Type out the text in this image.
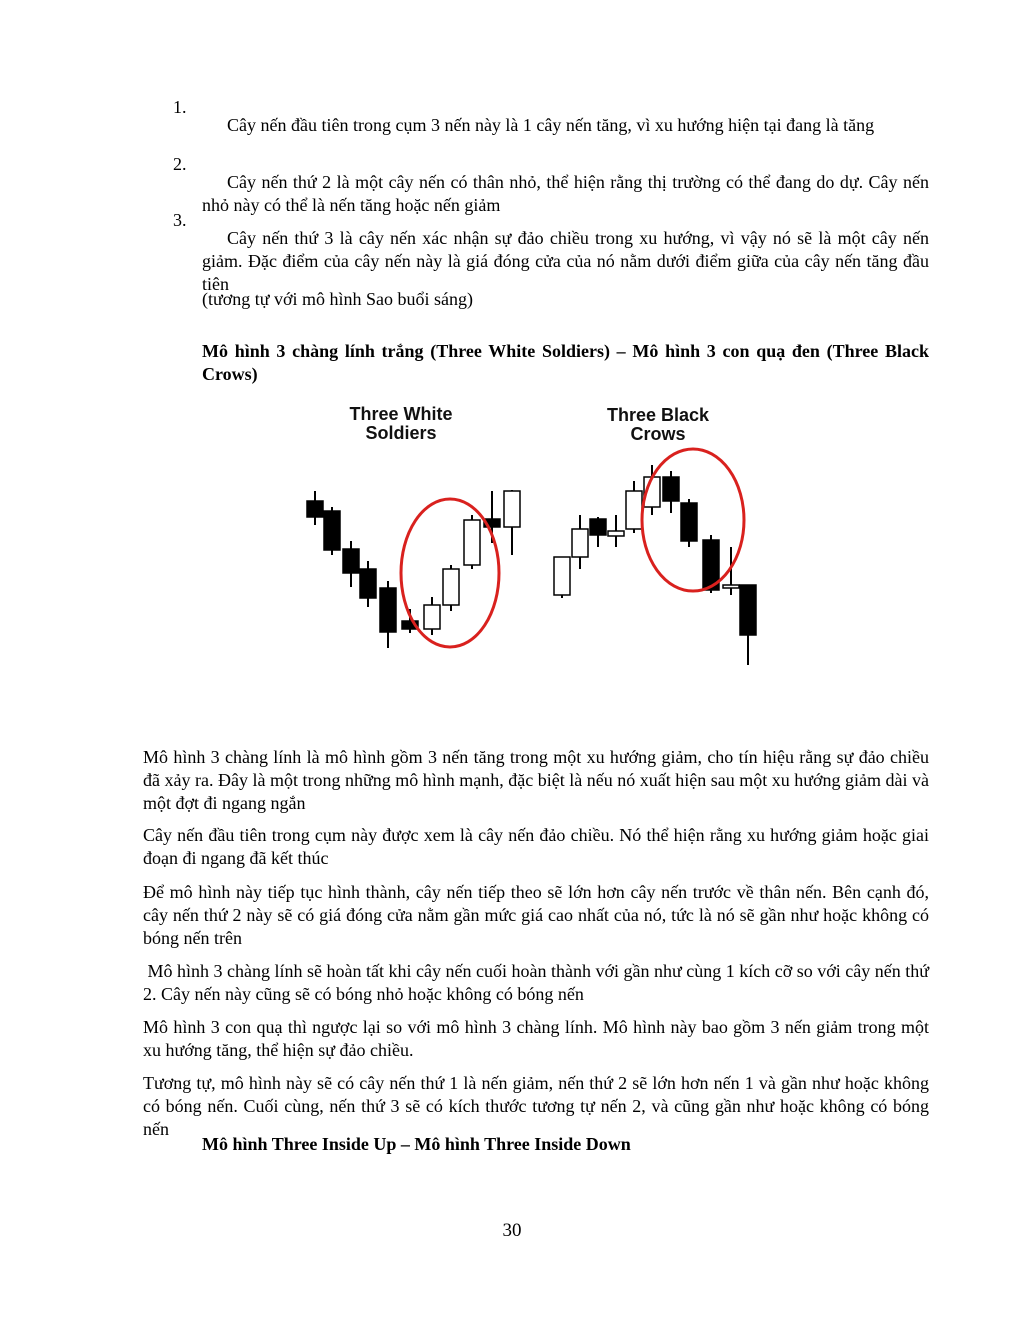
1.

Cây nến đầu tiên trong cụm 3 nến này là 1 cây nến tăng, vì xu hướng hiện tại đang là tăng

2.

Cây nến thứ 2 là một cây nến có thân nhỏ, thể hiện rằng thị trường có thể đang do dự. Cây nến nhỏ này có thể là nến tăng hoặc nến giảm

3.

Cây nến thứ 3 là cây nến xác nhận sự đảo chiều trong xu hướng, vì vậy nó sẽ là một cây nến giảm. Đặc điểm của cây nến này là giá đóng cửa của nó nằm dưới điểm giữa của cây nến tăng đầu tiên

(tương tự với mô hình Sao buổi sáng)

Mô hình 3 chàng lính trắng (Three White Soldiers) – Mô hình 3 con quạ đen (Three Black Crows)

Three White
Soldiers
Three Black
Crows

Mô hình 3 chàng lính là mô hình gồm 3 nến tăng trong một xu hướng giảm, cho tín hiệu rằng sự đảo chiều đã xảy ra. Đây là một trong những mô hình mạnh, đặc biệt là nếu nó xuất hiện sau một xu hướng giảm dài và một đợt đi ngang ngắn

Cây nến đầu tiên trong cụm này được xem là cây nến đảo chiều. Nó thể hiện rằng xu hướng giảm hoặc giai đoạn đi ngang đã kết thúc

Để mô hình này tiếp tục hình thành, cây nến tiếp theo sẽ lớn hơn cây nến trước về thân nến. Bên cạnh đó, cây nến thứ 2 này sẽ có giá đóng cửa nằm gần mức giá cao nhất của nó, tức là nó sẽ gần như hoặc không có bóng nến trên

Mô hình 3 chàng lính sẽ hoàn tất khi cây nến cuối hoàn thành với gần như cùng 1 kích cỡ so với cây nến thứ 2. Cây nến này cũng sẽ có bóng nhỏ hoặc không có bóng nến

Mô hình 3 con quạ thì ngược lại so với mô hình 3 chàng lính. Mô hình này bao gồm 3 nến giảm trong một xu hướng tăng, thể hiện sự đảo chiều.

Tương tự, mô hình này sẽ có cây nến thứ 1 là nến giảm, nến thứ 2 sẽ lớn hơn nến 1 và gần như hoặc không có bóng nến. Cuối cùng, nến thứ 3 sẽ có kích thước tương tự nến 2, và cũng gần như hoặc không có bóng nến

Mô hình Three Inside Up – Mô hình Three Inside Down

30
